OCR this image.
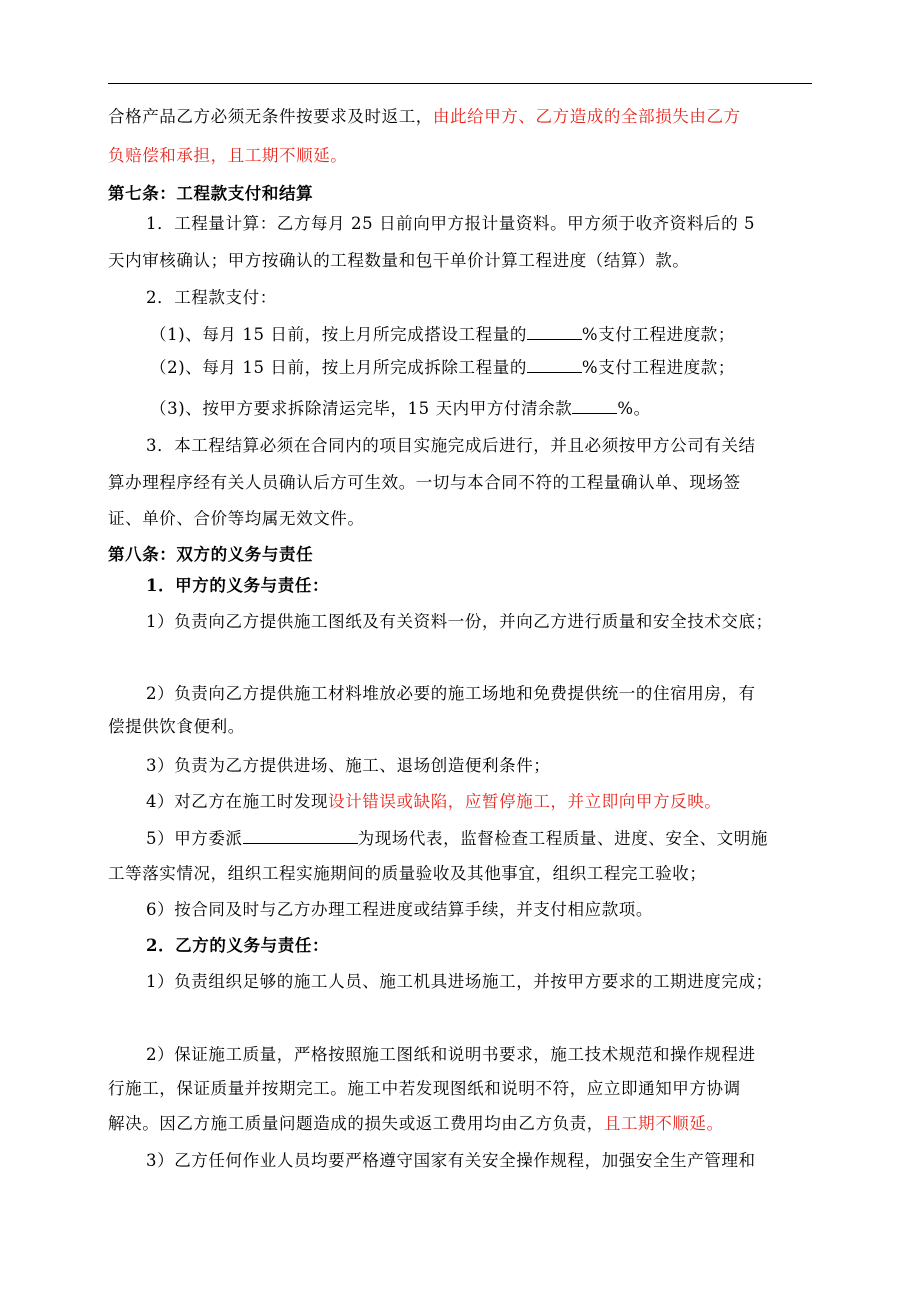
合格产品乙方必须无条件按要求及时返工，由此给甲方、乙方造成的全部损失由乙方
负赔偿和承担，且工期不顺延。
第七条：工程款支付和结算
1．工程量计算：乙方每月 25 日前向甲方报计量资料。甲方须于收齐资料后的 5
天内审核确认；甲方按确认的工程数量和包干单价计算工程进度（结算）款。
2．工程款支付：
（1)、每月 15 日前，按上月所完成搭设工程量的	%支付工程进度款；
（2)、每月 15 日前，按上月所完成拆除工程量的	%支付工程进度款；
（3)、按甲方要求拆除清运完毕，15 天内甲方付清余款	%。
3．本工程结算必须在合同内的项目实施完成后进行，并且必须按甲方公司有关结
算办理程序经有关人员确认后方可生效。一切与本合同不符的工程量确认单、现场签
证、单价、合价等均属无效文件。
第八条：双方的义务与责任
1．甲方的义务与责任：
1）负责向乙方提供施工图纸及有关资料一份，并向乙方进行质量和安全技术交底；
2）负责向乙方提供施工材料堆放必要的施工场地和免费提供统一的住宿用房，有
偿提供饮食便利。
3）负责为乙方提供进场、施工、退场创造便利条件；
4）对乙方在施工时发现设计错误或缺陷，应暂停施工，并立即向甲方反映。
5）甲方委派	为现场代表，监督检查工程质量、进度、安全、文明施
工等落实情况，组织工程实施期间的质量验收及其他事宜，组织工程完工验收；
6）按合同及时与乙方办理工程进度或结算手续，并支付相应款项。
2．乙方的义务与责任：
1）负责组织足够的施工人员、施工机具进场施工，并按甲方要求的工期进度完成；
2）保证施工质量，严格按照施工图纸和说明书要求，施工技术规范和操作规程进
行施工，保证质量并按期完工。施工中若发现图纸和说明不符，应立即通知甲方协调
解决。因乙方施工质量问题造成的损失或返工费用均由乙方负责，且工期不顺延。
3）乙方任何作业人员均要严格遵守国家有关安全操作规程，加强安全生产管理和
